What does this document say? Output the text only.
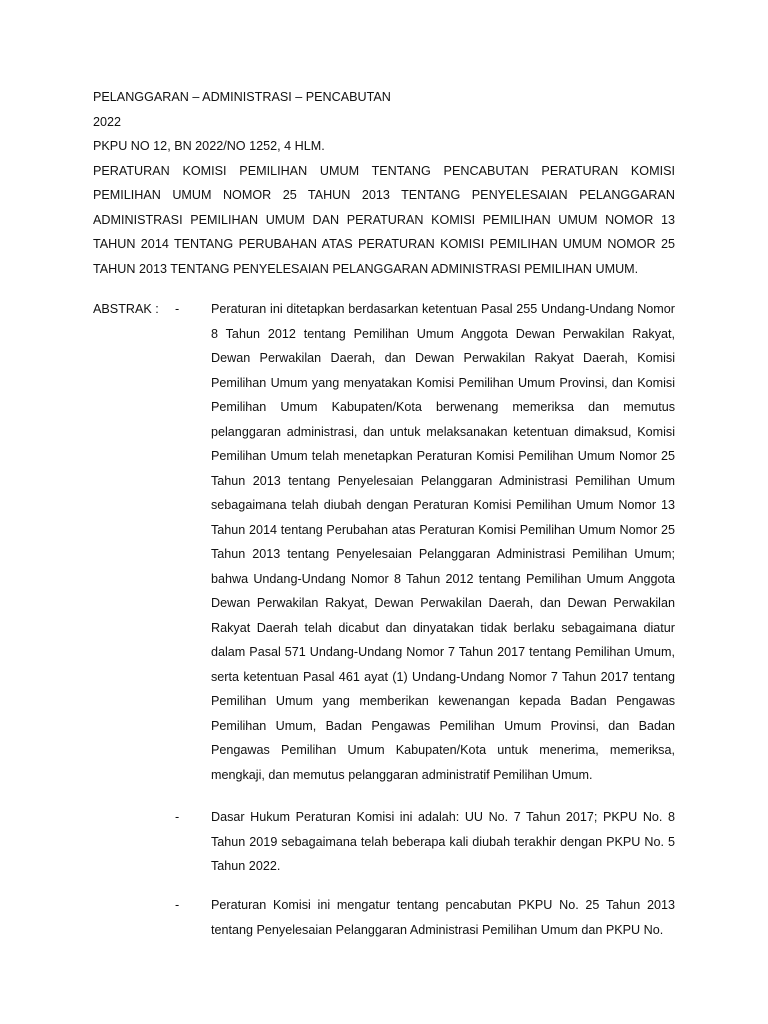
PELANGGARAN – ADMINISTRASI – PENCABUTAN
2022
PKPU NO 12, BN 2022/NO 1252, 4 HLM.
PERATURAN KOMISI PEMILIHAN UMUM TENTANG PENCABUTAN PERATURAN KOMISI PEMILIHAN UMUM NOMOR 25 TAHUN 2013 TENTANG PENYELESAIAN PELANGGARAN ADMINISTRASI PEMILIHAN UMUM DAN PERATURAN KOMISI PEMILIHAN UMUM NOMOR 13 TAHUN 2014 TENTANG PERUBAHAN ATAS PERATURAN KOMISI PEMILIHAN UMUM NOMOR 25 TAHUN 2013 TENTANG PENYELESAIAN PELANGGARAN ADMINISTRASI PEMILIHAN UMUM.
ABSTRAK : -	Peraturan ini ditetapkan berdasarkan ketentuan Pasal 255 Undang-Undang Nomor 8 Tahun 2012 tentang Pemilihan Umum Anggota Dewan Perwakilan Rakyat, Dewan Perwakilan Daerah, dan Dewan Perwakilan Rakyat Daerah, Komisi Pemilihan Umum yang menyatakan Komisi Pemilihan Umum Provinsi, dan Komisi Pemilihan Umum Kabupaten/Kota berwenang memeriksa dan memutus pelanggaran administrasi, dan untuk melaksanakan ketentuan dimaksud, Komisi Pemilihan Umum telah menetapkan Peraturan Komisi Pemilihan Umum Nomor 25 Tahun 2013 tentang Penyelesaian Pelanggaran Administrasi Pemilihan Umum sebagaimana telah diubah dengan Peraturan Komisi Pemilihan Umum Nomor 13 Tahun 2014 tentang Perubahan atas Peraturan Komisi Pemilihan Umum Nomor 25 Tahun 2013 tentang Penyelesaian Pelanggaran Administrasi Pemilihan Umum; bahwa Undang-Undang Nomor 8 Tahun 2012 tentang Pemilihan Umum Anggota Dewan Perwakilan Rakyat, Dewan Perwakilan Daerah, dan Dewan Perwakilan Rakyat Daerah telah dicabut dan dinyatakan tidak berlaku sebagaimana diatur dalam Pasal 571 Undang-Undang Nomor 7 Tahun 2017 tentang Pemilihan Umum, serta ketentuan Pasal 461 ayat (1) Undang-Undang Nomor 7 Tahun 2017 tentang Pemilihan Umum yang memberikan kewenangan kepada Badan Pengawas Pemilihan Umum, Badan Pengawas Pemilihan Umum Provinsi, dan Badan Pengawas Pemilihan Umum Kabupaten/Kota untuk menerima, memeriksa, mengkaji, dan memutus pelanggaran administratif Pemilihan Umum.
-	Dasar Hukum Peraturan Komisi ini adalah: UU No. 7 Tahun 2017; PKPU No. 8 Tahun 2019 sebagaimana telah beberapa kali diubah terakhir dengan PKPU No. 5 Tahun 2022.
-	Peraturan Komisi ini mengatur tentang pencabutan PKPU No. 25 Tahun 2013 tentang Penyelesaian Pelanggaran Administrasi Pemilihan Umum dan PKPU No.
